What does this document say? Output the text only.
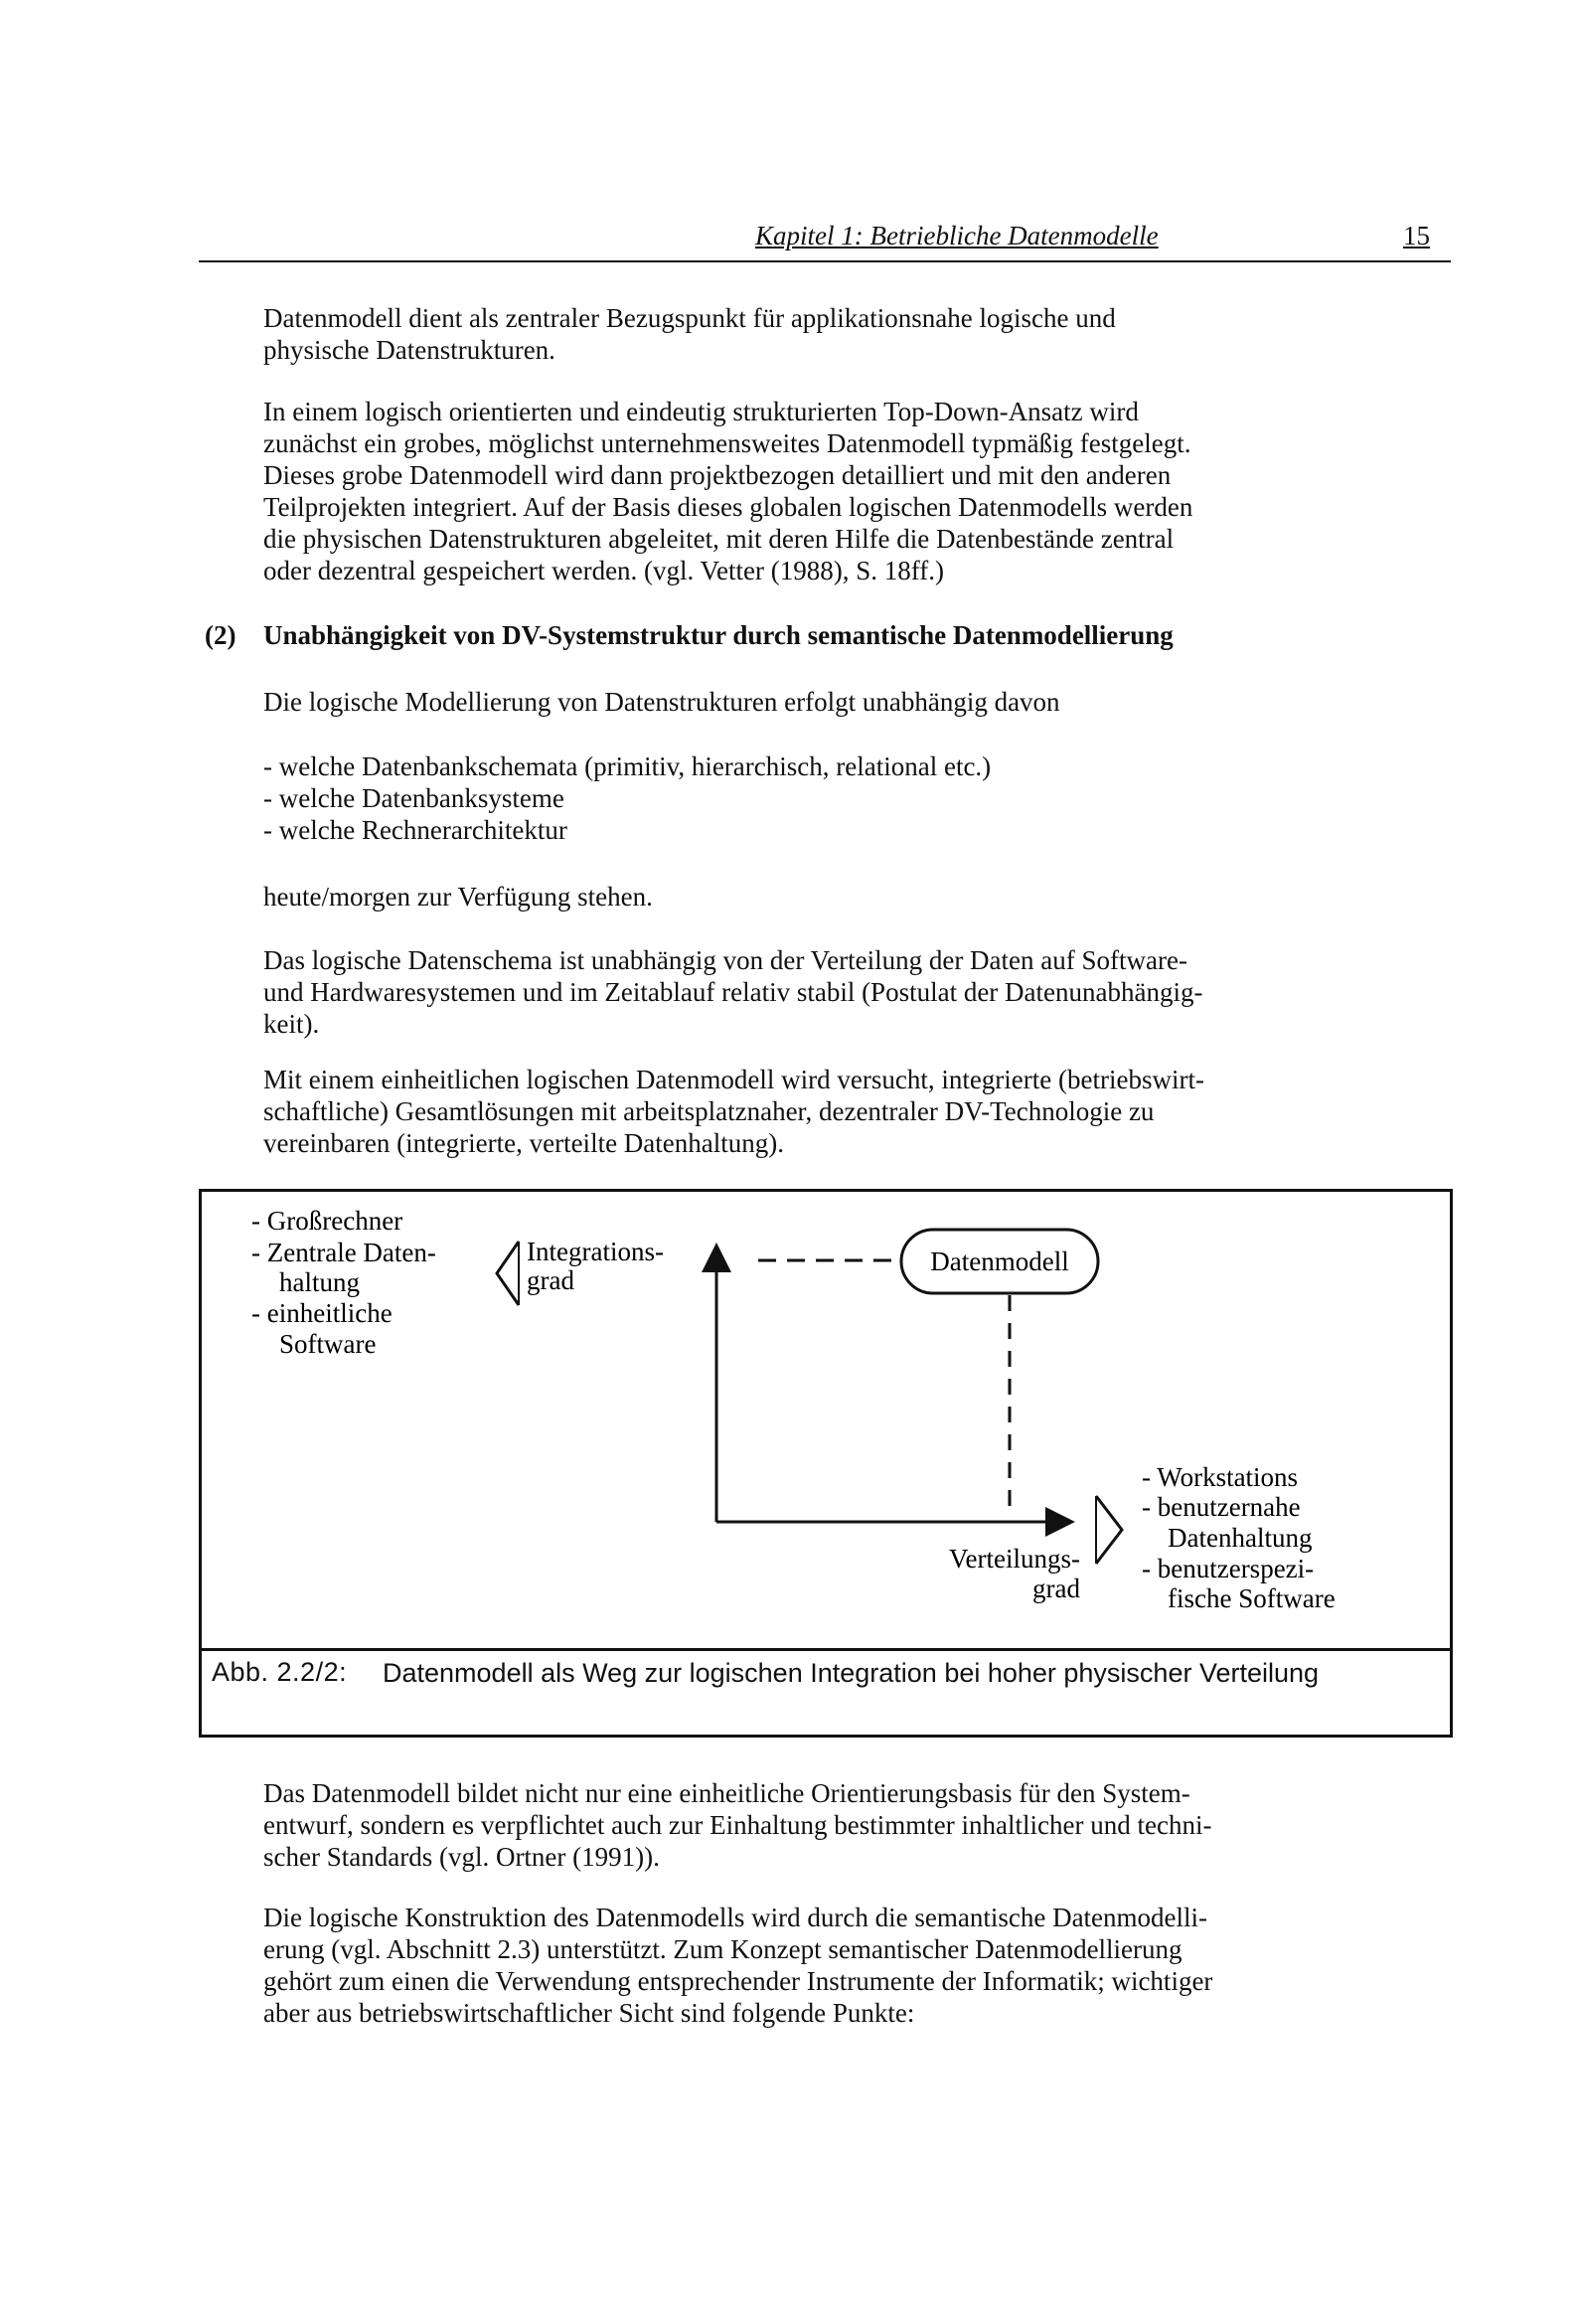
Kapitel 1: Betriebliche Datenmodelle	15
Datenmodell dient als zentraler Bezugspunkt für applikationsnahe logische und
physische Datenstrukturen.
In einem logisch orientierten und eindeutig strukturierten Top-Down-Ansatz wird
zunächst ein grobes, möglichst unternehmensweites Datenmodell typmäßig festgelegt.
Dieses grobe Datenmodell wird dann projektbezogen detailliert und mit den anderen
Teilprojekten integriert. Auf der Basis dieses globalen logischen Datenmodells werden
die physischen Datenstrukturen abgeleitet, mit deren Hilfe die Datenbestände zentral
oder dezentral gespeichert werden. (vgl. Vetter (1988), S. 18ff.)
(2) Unabhängigkeit von DV-Systemstruktur durch semantische Datenmodellierung
Die logische Modellierung von Datenstrukturen erfolgt unabhängig davon
- welche Datenbankschemata (primitiv, hierarchisch, relational etc.)
- welche Datenbanksysteme
- welche Rechnerarchitektur
heute/morgen zur Verfügung stehen.
Das logische Datenschema ist unabhängig von der Verteilung der Daten auf Software-
und Hardwaresystemen und im Zeitablauf relativ stabil (Postulat der Datenunabhängig-
keit).
Mit einem einheitlichen logischen Datenmodell wird versucht, integrierte (betriebswirt-
schaftliche) Gesamtlösungen mit arbeitsplatznaher, dezentraler DV-Technologie zu
vereinbaren (integrierte, verteilte Datenhaltung).
- Großrechner
- Zentrale Daten-
haltung
- einheitliche
Software
Integrations-
grad
Datenmodell
Verteilungs-
grad
- Workstations
- benutzernahe
Datenhaltung
- benutzerspezi-
fische Software
Abb. 2.2/2: Datenmodell als Weg zur logischen Integration bei hoher physischer Verteilung
Das Datenmodell bildet nicht nur eine einheitliche Orientierungsbasis für den System-
entwurf, sondern es verpflichtet auch zur Einhaltung bestimmter inhaltlicher und techni-
scher Standards (vgl. Ortner (1991)).
Die logische Konstruktion des Datenmodells wird durch die semantische Datenmodelli-
erung (vgl. Abschnitt 2.3) unterstützt. Zum Konzept semantischer Datenmodellierung
gehört zum einen die Verwendung entsprechender Instrumente der Informatik; wichtiger
aber aus betriebswirtschaftlicher Sicht sind folgende Punkte:
